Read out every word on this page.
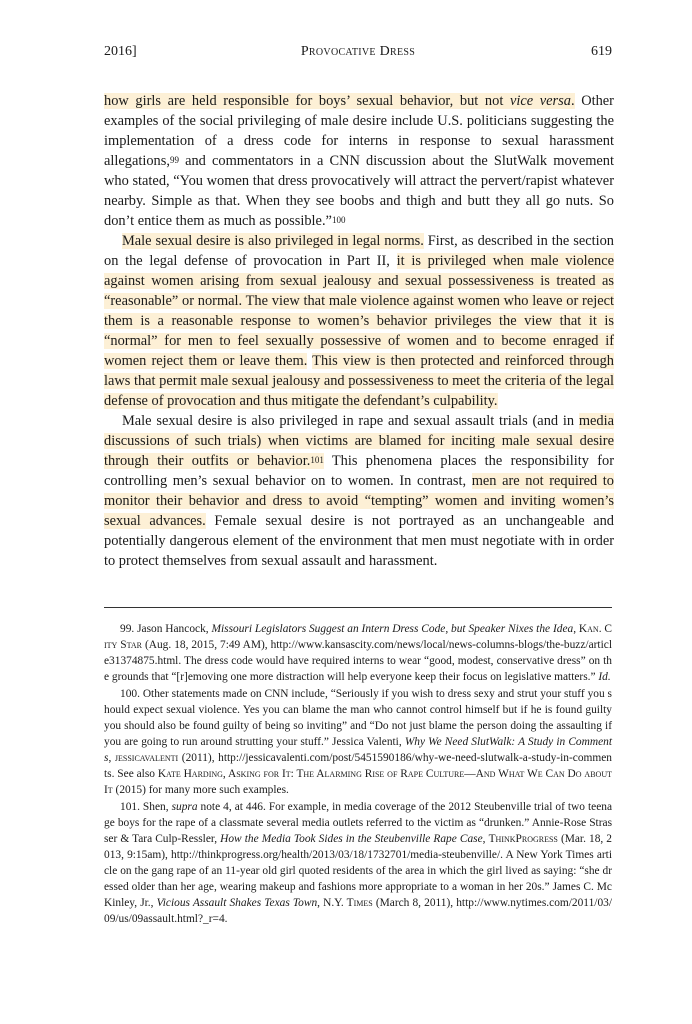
2016]	Provocative Dress	619

how girls are held responsible for boys’ sexual behavior, but not vice versa. Other examples of the social privileging of male desire include U.S. politicians suggesting the implementation of a dress code for interns in response to sexual harassment allegations,$^{99}$ and commentators in a CNN discussion about the SlutWalk movement who stated, “You women that dress provocatively will attract the pervert/rapist whatever nearby. Simple as that. When they see boobs and thigh and butt they all go nuts. So don’t entice them as much as possible.”$^{100}$

Male sexual desire is also privileged in legal norms. First, as described in the section on the legal defense of provocation in Part II, it is privileged when male violence against women arising from sexual jealousy and sexual possessiveness is treated as “reasonable” or normal. The view that male violence against women who leave or reject them is a reasonable response to women’s behavior privileges the view that it is “normal” for men to feel sexually possessive of women and to become enraged if women reject them or leave them. This view is then protected and reinforced through laws that permit male sexual jealousy and possessiveness to meet the criteria of the legal defense of provocation and thus mitigate the defendant’s culpability.

Male sexual desire is also privileged in rape and sexual assault trials (and in media discussions of such trials) when victims are blamed for inciting male sexual desire through their outfits or behavior.$^{101}$ This phenomena places the responsibility for controlling men’s sexual behavior on to women. In contrast, men are not required to monitor their behavior and dress to avoid “tempting” women and inviting women’s sexual advances. Female sexual desire is not portrayed as an unchangeable and potentially dangerous element of the environment that men must negotiate with in order to protect themselves from sexual assault and harassment.

99. Jason Hancock, Missouri Legislators Suggest an Intern Dress Code, but Speaker Nixes the Idea, Kan. City Star (Aug. 18, 2015, 7:49 AM), http://www.kansascity.com/news/local/news-columns-blogs/the-buzz/article31374875.html. The dress code would have required interns to wear “good, modest, conservative dress” on the grounds that “[r]emoving one more distraction will help everyone keep their focus on legislative matters.” Id.

100. Other statements made on CNN include, “Seriously if you wish to dress sexy and strut your stuff you should expect sexual violence. Yes you can blame the man who cannot control himself but if he is found guilty you should also be found guilty of being so inviting” and “Do not just blame the person doing the assaulting if you are going to run around strutting your stuff.” Jessica Valenti, Why We Need SlutWalk: A Study in Comments, jessicavalenti (2011), http://jessicavalenti.com/post/5451590186/why-we-need-slutwalk-a-study-in-comments. See also Kate Harding, Asking for It: The Alarming Rise of Rape Culture—And What We Can Do about It (2015) for many more such examples.

101. Shen, supra note 4, at 446. For example, in media coverage of the 2012 Steubenville trial of two teenage boys for the rape of a classmate several media outlets referred to the victim as “drunken.” Annie-Rose Strasser & Tara Culp-Ressler, How the Media Took Sides in the Steubenville Rape Case, ThinkProgress (Mar. 18, 2013, 9:15am), http://thinkprogress.org/health/2013/03/18/1732701/media-steubenville/. A New York Times article on the gang rape of an 11-year old girl quoted residents of the area in which the girl lived as saying: “she dressed older than her age, wearing makeup and fashions more appropriate to a woman in her 20s.” James C. McKinley, Jr., Vicious Assault Shakes Texas Town, N.Y. Times (March 8, 2011), http://www.nytimes.com/2011/03/09/us/09assault.html?_r=4.
